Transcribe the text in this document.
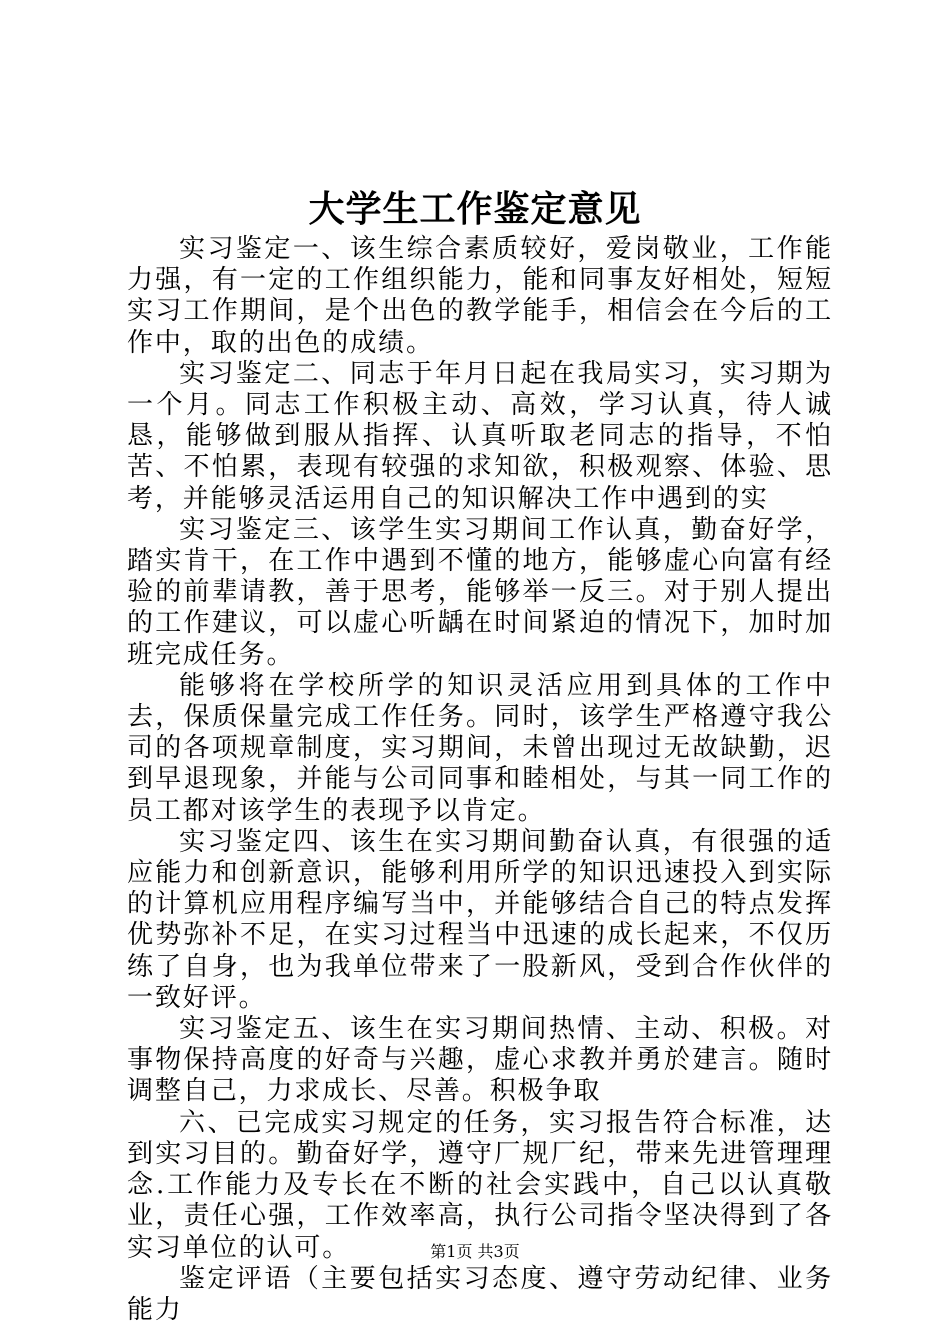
大学生工作鉴定意见

实习鉴定一、该生综合素质较好，爱岗敬业，工作能力强，有一定的工作组织能力，能和同事友好相处，短短实习工作期间，是个出色的教学能手，相信会在今后的工作中，取的出色的成绩。

实习鉴定二、同志于年月日起在我局实习，实习期为一个月。同志工作积极主动、高效，学习认真，待人诚恳，能够做到服从指挥、认真听取老同志的指导，不怕苦、不怕累，表现有较强的求知欲，积极观察、体验、思考，并能够灵活运用自己的知识解决工作中遇到的实

实习鉴定三、该学生实习期间工作认真，勤奋好学，踏实肯干，在工作中遇到不懂的地方，能够虚心向富有经验的前辈请教，善于思考，能够举一反三。对于别人提出的工作建议，可以虚心听龋在时间紧迫的情况下，加时加班完成任务。

能够将在学校所学的知识灵活应用到具体的工作中去，保质保量完成工作任务。同时，该学生严格遵守我公司的各项规章制度，实习期间，未曾出现过无故缺勤，迟到早退现象，并能与公司同事和睦相处，与其一同工作的员工都对该学生的表现予以肯定。

实习鉴定四、该生在实习期间勤奋认真，有很强的适应能力和创新意识，能够利用所学的知识迅速投入到实际的计算机应用程序编写当中，并能够结合自己的特点发挥优势弥补不足，在实习过程当中迅速的成长起来，不仅历练了自身，也为我单位带来了一股新风，受到合作伙伴的一致好评。

实习鉴定五、该生在实习期间热情、主动、积极。对事物保持高度的好奇与兴趣，虚心求教并勇於建言。随时调整自己，力求成长、尽善。积极争取

六、已完成实习规定的任务，实习报告符合标准，达到实习目的。勤奋好学，遵守厂规厂纪，带来先进管理理念.工作能力及专长在不断的社会实践中，自己以认真敬业，责任心强，工作效率高，执行公司指令坚决得到了各实习单位的认可。

鉴定评语（主要包括实习态度、遵守劳动纪律、业务能力

第1页 共3页
